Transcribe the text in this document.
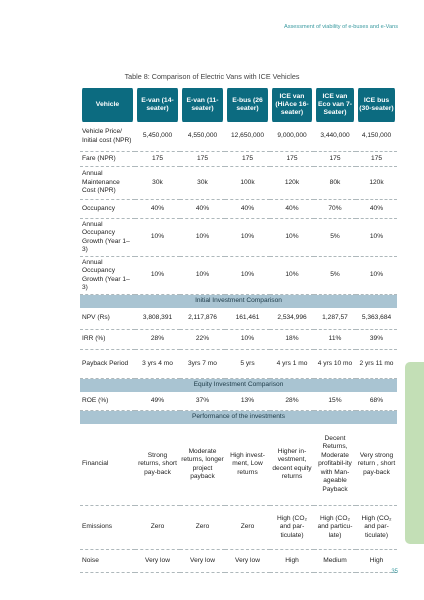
Assessment of viability of e-buses and e-Vans
Table 8: Comparison of Electric Vans with ICE Vehicles
Vehicle	E-van (14-seater)	E-van (11-seater)	E-bus (26 seater)	ICE van (HiAce 16-seater)	ICE van Eco van 7-Seater)	ICE bus (30-seater)
Vehicle Price/ Initial cost (NPR)	5,450,000	4,550,000	12,650,000	9,000,000	3,440,000	4,150,000
Fare (NPR)	175	175	175	175	175	175
Annual Maintenance Cost (NPR)	30k	30k	100k	120k	80k	120k
Occupancy	40%	40%	40%	40%	70%	40%
Annual Occupancy Growth (Year 1–3)	10%	10%	10%	10%	5%	10%
Annual Occupancy Growth (Year 1–3)	10%	10%	10%	10%	5%	10%
Initial Investment Comparison						
NPV (Rs)	3,808,391	2,117,876	161,461	2,534,996	1,287,57	5,363,684
IRR (%)	28%	22%	10%	18%	11%	39%
Payback Period	3 yrs 4 mo	3yrs 7 mo	5 yrs	4 yrs 1 mo	4 yrs 10 mo	2 yrs 11 mo
Equity Investment Comparison						
ROE (%)	49%	37%	13%	28%	15%	68%
Performance of the investments						
Financial	Strong returns, short pay-back	Moderate returns, longer project payback	High invest-ment, Low returns	Higher in-vestment, decent equity returns	Decent Returns, Moderate profitabil-ity with Man-ageable Payback	Very strong return , short pay-back
Emissions	Zero	Zero	Zero	High (CO₂ and par-ticulate)	High (CO₂ and particu-late)	High (CO₂ and par-ticulate)
Noise	Very low	Very low	Very low	High	Medium	High
35
